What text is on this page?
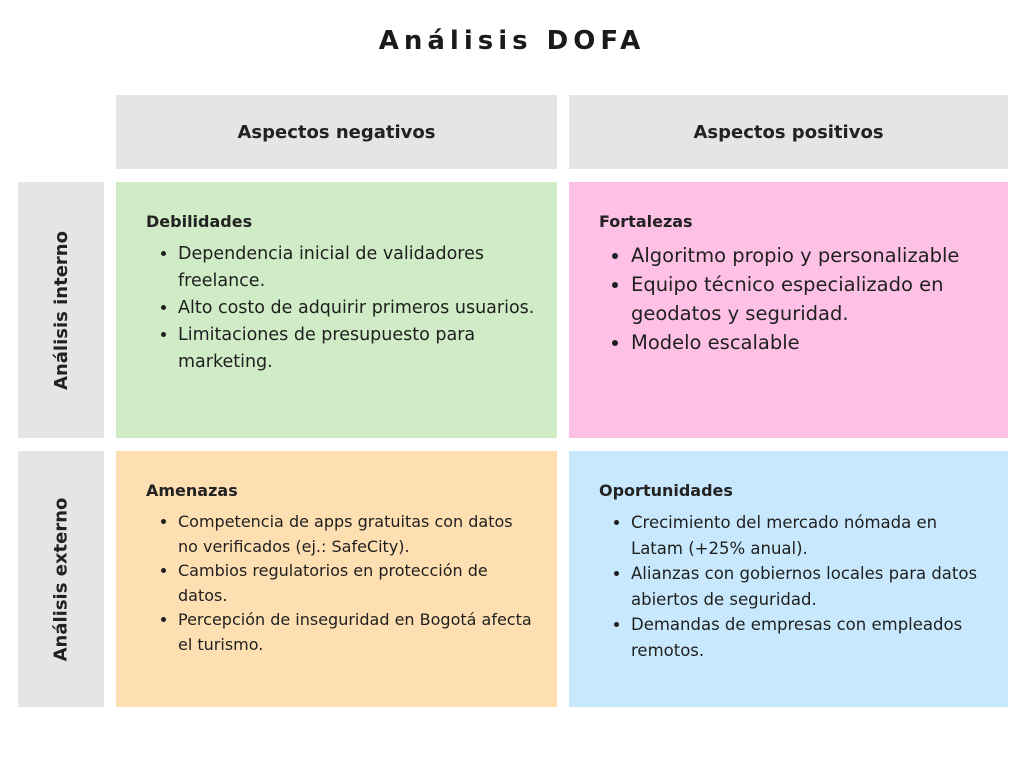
Análisis DOFA
Aspectos negativos	Aspectos positivos
Análisis interno
Análisis externo
Debilidades
• Dependencia inicial de validadores freelance.
• Alto costo de adquirir primeros usuarios.
• Limitaciones de presupuesto para marketing.
Fortalezas
• Algoritmo propio y personalizable
• Equipo técnico especializado en geodatos y seguridad.
• Modelo escalable
Amenazas
• Competencia de apps gratuitas con datos no verificados (ej.: SafeCity).
• Cambios regulatorios en protección de datos.
• Percepción de inseguridad en Bogotá afecta el turismo.
Oportunidades
• Crecimiento del mercado nómada en Latam (+25% anual).
• Alianzas con gobiernos locales para datos abiertos de seguridad.
• Demandas de empresas con empleados remotos.
